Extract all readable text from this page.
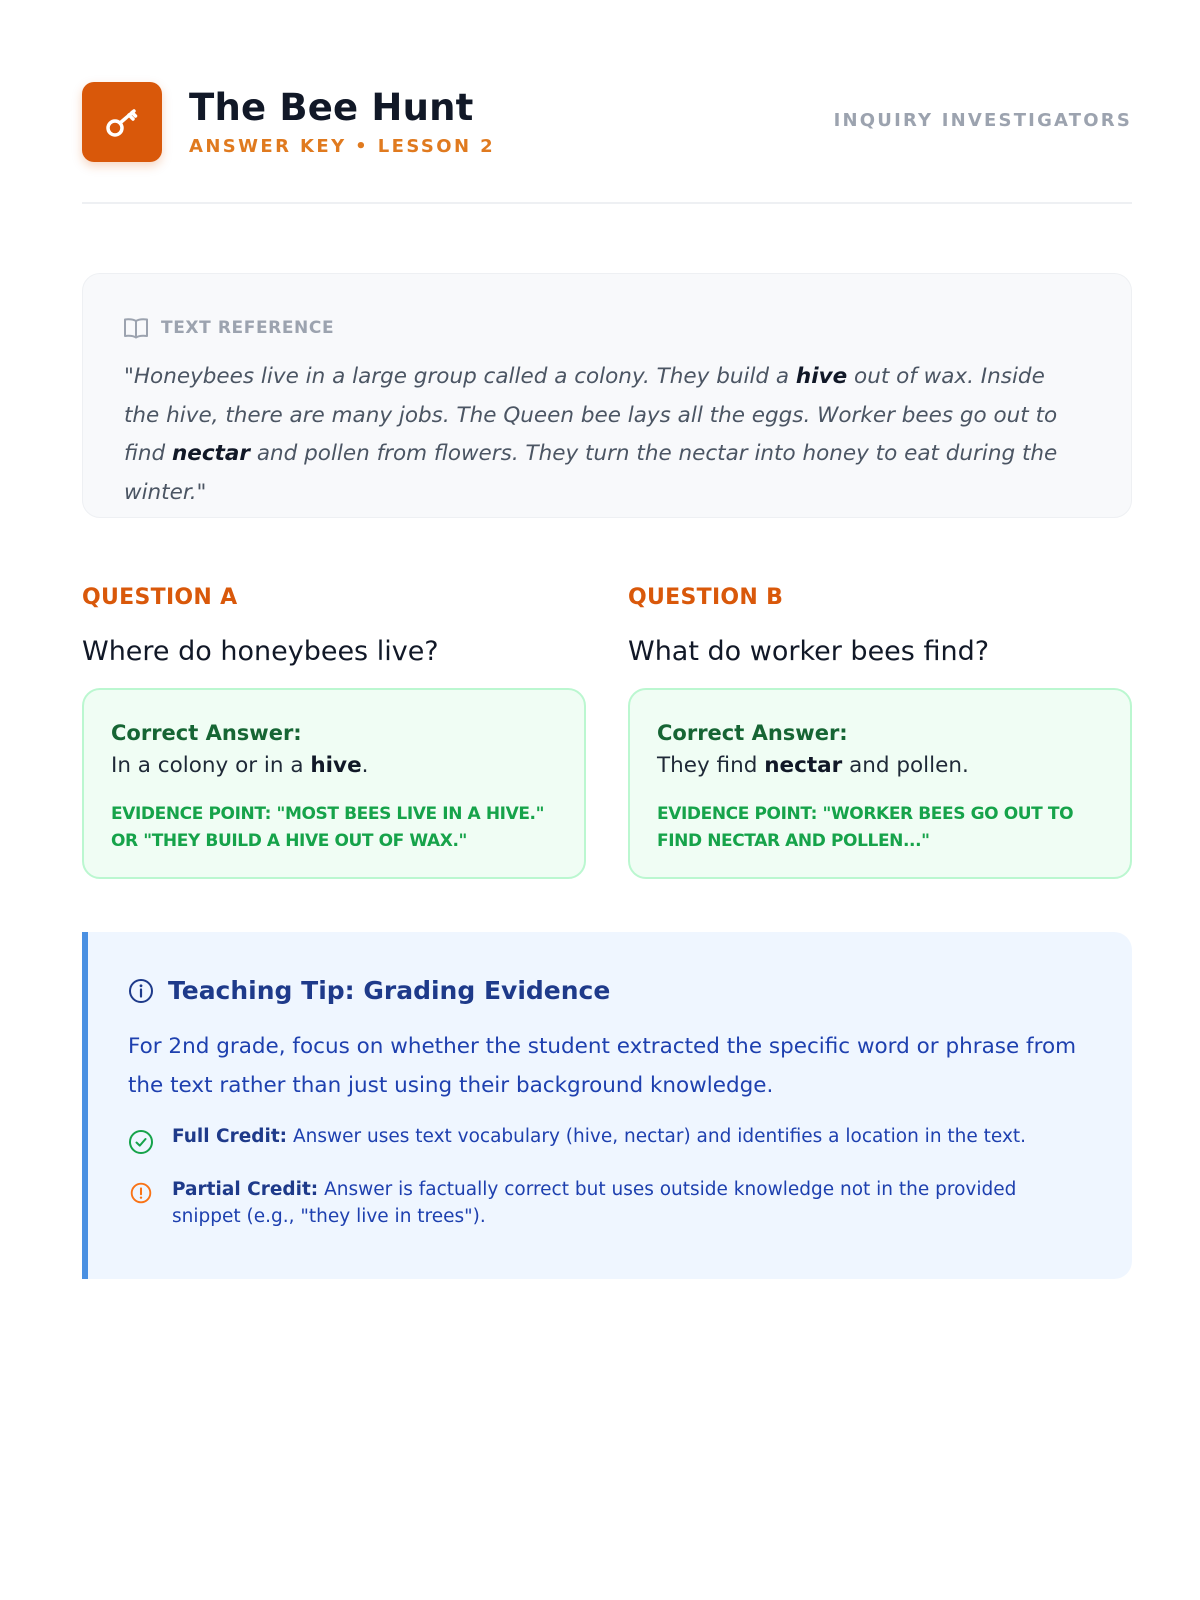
The Bee Hunt
ANSWER KEY • LESSON 2
INQUIRY INVESTIGATORS
TEXT REFERENCE

"Honeybees live in a large group called a colony. They build a hive out of wax. Inside the hive, there are many jobs. The Queen bee lays all the eggs. Worker bees go out to find nectar and pollen from flowers. They turn the nectar into honey to eat during the winter."

QUESTION A
Where do honeybees live?
Correct Answer:
In a colony or in a hive.
EVIDENCE POINT: "MOST BEES LIVE IN A HIVE." OR "THEY BUILD A HIVE OUT OF WAX."
QUESTION B
What do worker bees find?
Correct Answer:
They find nectar and pollen.
EVIDENCE POINT: "WORKER BEES GO OUT TO FIND NECTAR AND POLLEN..."
Teaching Tip: Grading Evidence

For 2nd grade, focus on whether the student extracted the specific word or phrase from the text rather than just using their background knowledge.

Full Credit: Answer uses text vocabulary (hive, nectar) and identifies a location in the text.
Partial Credit: Answer is factually correct but uses outside knowledge not in the provided snippet (e.g., "they live in trees").
